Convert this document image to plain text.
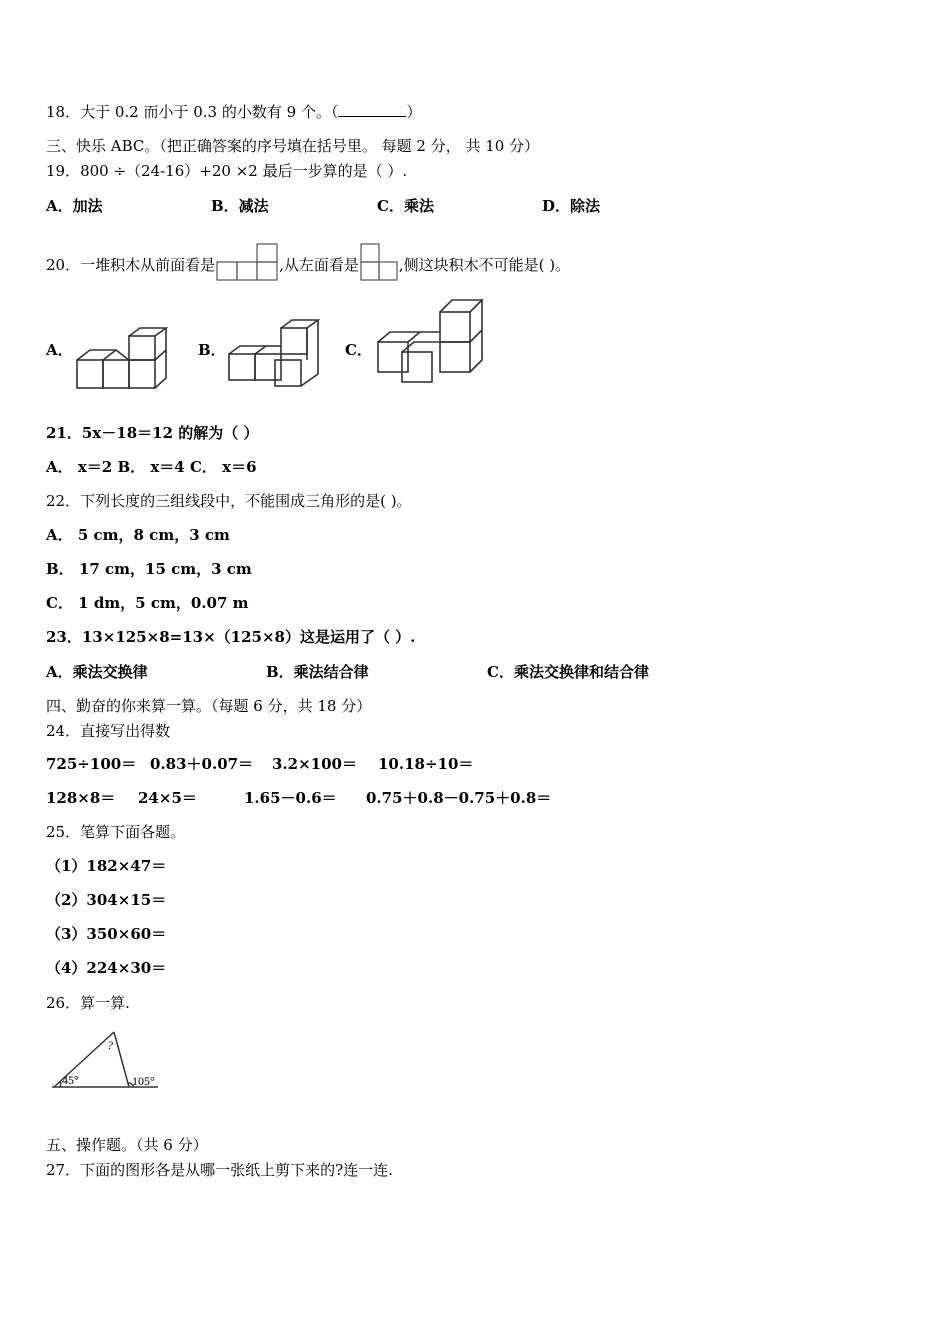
18．大于 0.2 而小于 0.3 的小数有 9 个。（	）
三、快乐 ABC。（把正确答案的序号填在括号里。 每题 2 分， 共 10 分）
19．800 ÷（24-16）+20 ×2 最后一步算的是（ ）.
A．加法	B．减法	C．乘法	D．除法
20．一堆积木从前面看是	,从左面看是	,侧这块积木不可能是( )。
A．	B．	C．
21．5x－18＝12 的解为（ ）
A． x＝2 B． x＝4 C． x＝6
22．下列长度的三组线段中，不能围成三角形的是( )。
A． 5 cm，8 cm，3 cm
B． 17 cm，15 cm，3 cm
C． 1 dm，5 cm，0.07 m
23．13×125×8=13×（125×8）这是运用了（ ）.
A．乘法交换律	B．乘法结合律	C．乘法交换律和结合律
四、勤奋的你来算一算。（每题 6 分，共 18 分）
24．直接写出得数
725÷100＝ 0.83＋0.07＝ 3.2×100＝ 10.18÷10＝
128×8＝ 24×5＝	1.65－0.6＝ 0.75＋0.8－0.75＋0.8＝
25．笔算下面各题。
（1）182×47＝
（2）304×15＝
（3）350×60＝
（4）224×30＝
26．算一算.
45°	105°
?
五、操作题。（共 6 分）
27．下面的图形各是从哪一张纸上剪下来的?连一连.
